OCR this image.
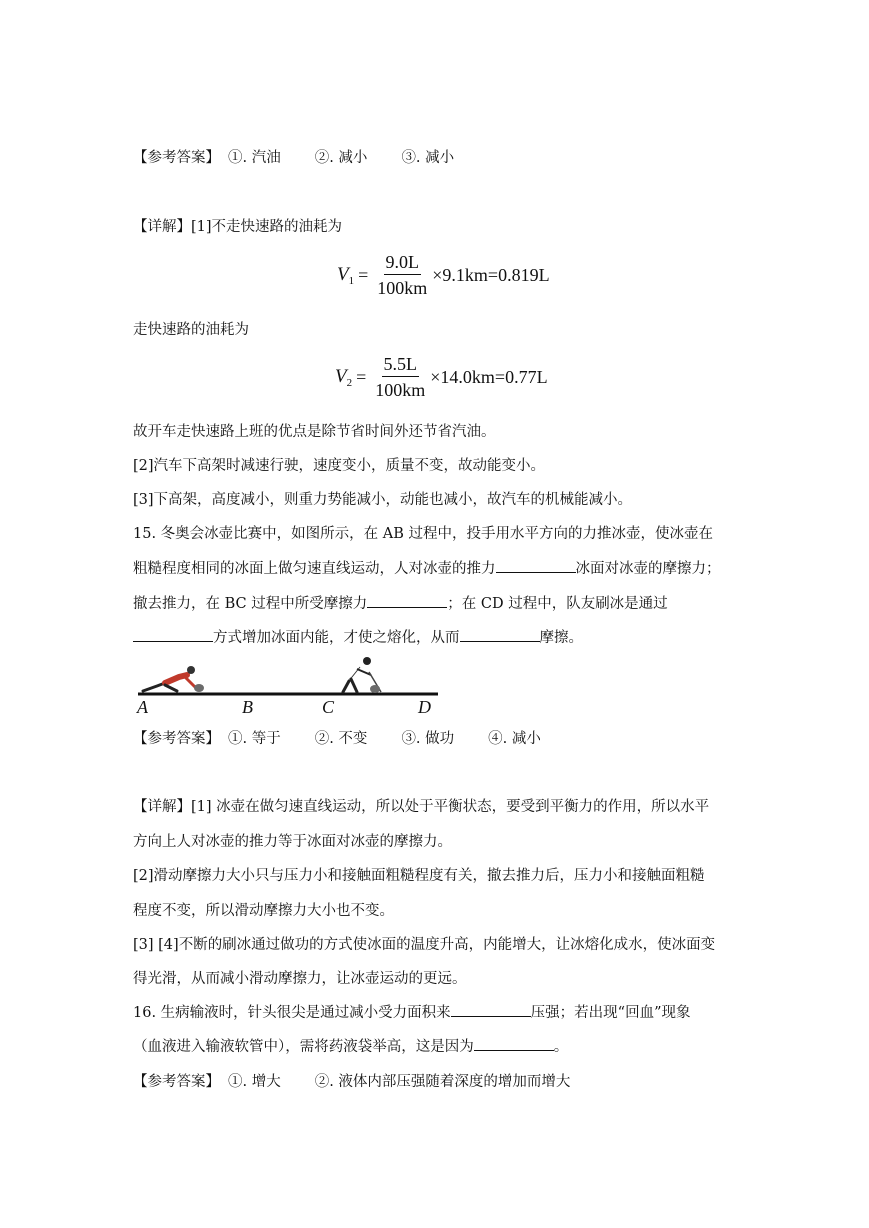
【参考答案】 ①. 汽油 ②. 减小 ③. 减小
【详解】[1]不走快速路的油耗为
$V_1 = \frac{9.0L}{100km} \times 9.1km=0.819L$
走快速路的油耗为
$V_2 = \frac{5.5L}{100km} \times 14.0km=0.77L$
故开车走快速路上班的优点是除节省时间外还节省汽油。
[2]汽车下高架时减速行驶，速度变小，质量不变，故动能变小。
[3]下高架，高度减小，则重力势能减小，动能也减小，故汽车的机械能减小。
15. 冬奥会冰壶比赛中，如图所示，在 AB 过程中，投手用水平方向的力推冰壶，使冰壶在
粗糙程度相同的冰面上做匀速直线运动，人对冰壶的推力	冰面对冰壶的摩擦力；
撤去推力，在 BC 过程中所受摩擦力	；在 CD 过程中，队友刷冰是通过
方式增加冰面内能，才使之熔化，从而	摩擦。
A	B	C	D
【参考答案】 ①. 等于 ②. 不变 ③. 做功 ④. 减小
【详解】[1] 冰壶在做匀速直线运动，所以处于平衡状态，要受到平衡力的作用，所以水平
方向上人对冰壶的推力等于冰面对冰壶的摩擦力。
[2]滑动摩擦力大小只与压力小和接触面粗糙程度有关，撤去推力后，压力小和接触面粗糙
程度不变，所以滑动摩擦力大小也不变。
[3] [4]不断的刷冰通过做功的方式使冰面的温度升高，内能增大，让冰熔化成水，使冰面变
得光滑，从而减小滑动摩擦力，让冰壶运动的更远。
16. 生病输液时，针头很尖是通过减小受力面积来	压强；若出现“回血”现象
（血液进入输液软管中），需将药液袋举高，这是因为	。
【参考答案】 ①. 增大 ②. 液体内部压强随着深度的增加而增大
